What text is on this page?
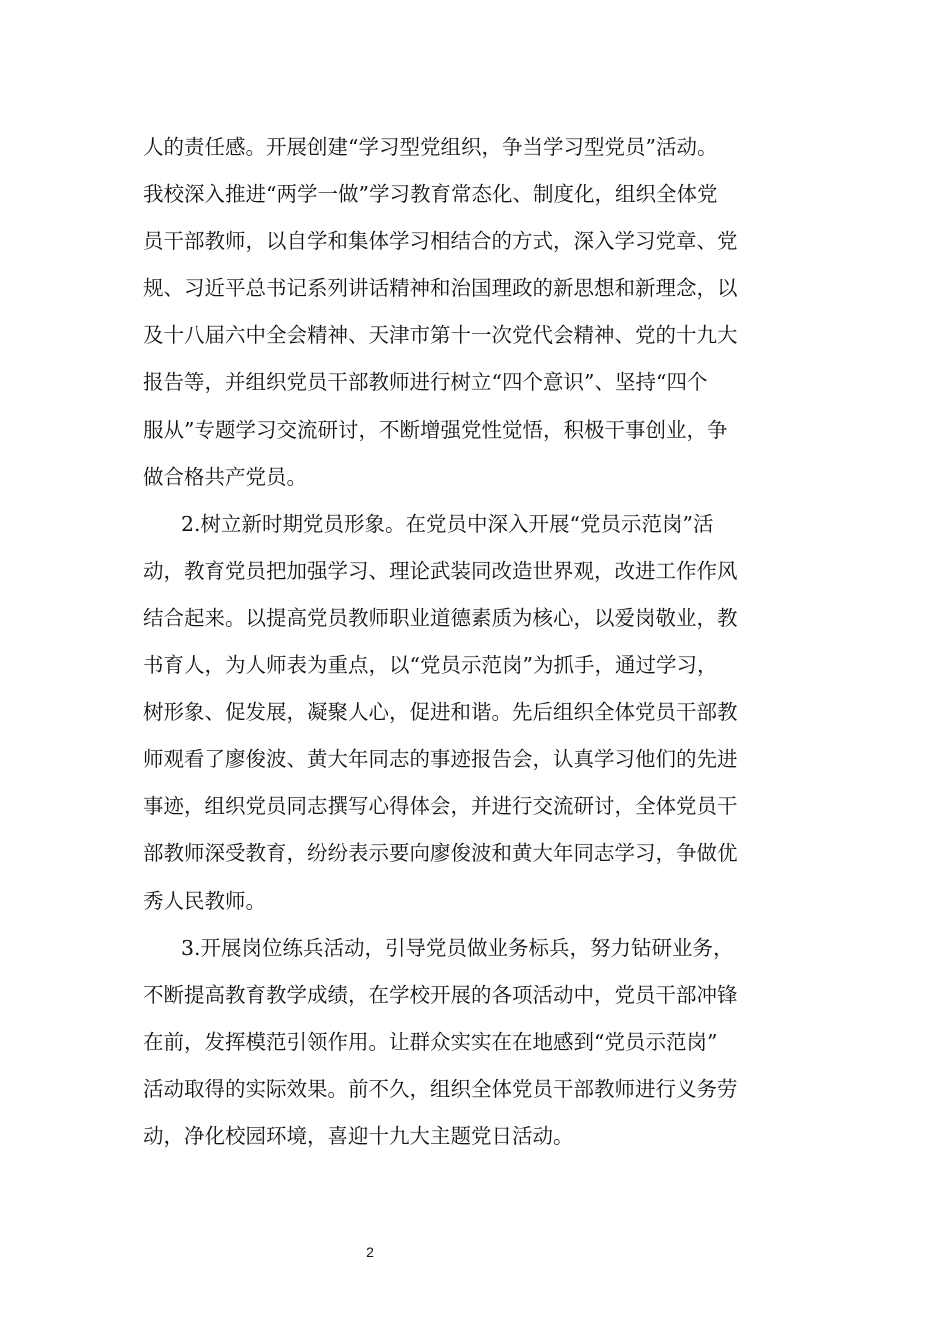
人的责任感。开展创建“学习型党组织，争当学习型党员”活动。
我校深入推进“两学一做”学习教育常态化、制度化，组织全体党
员干部教师，以自学和集体学习相结合的方式，深入学习党章、党
规、习近平总书记系列讲话精神和治国理政的新思想和新理念，以
及十八届六中全会精神、天津市第十一次党代会精神、党的十九大
报告等，并组织党员干部教师进行树立“四个意识”、坚持“四个
服从”专题学习交流研讨，不断增强党性觉悟，积极干事创业，争
做合格共产党员。
2.树立新时期党员形象。在党员中深入开展“党员示范岗”活
动，教育党员把加强学习、理论武装同改造世界观，改进工作作风
结合起来。以提高党员教师职业道德素质为核心，以爱岗敬业，教
书育人，为人师表为重点，以“党员示范岗”为抓手，通过学习，
树形象、促发展，凝聚人心，促进和谐。先后组织全体党员干部教
师观看了廖俊波、黄大年同志的事迹报告会，认真学习他们的先进
事迹，组织党员同志撰写心得体会，并进行交流研讨，全体党员干
部教师深受教育，纷纷表示要向廖俊波和黄大年同志学习，争做优
秀人民教师。
3.开展岗位练兵活动，引导党员做业务标兵，努力钻研业务，
不断提高教育教学成绩，在学校开展的各项活动中，党员干部冲锋
在前，发挥模范引领作用。让群众实实在在地感到“党员示范岗”
活动取得的实际效果。前不久，组织全体党员干部教师进行义务劳
动，净化校园环境，喜迎十九大主题党日活动。
2
